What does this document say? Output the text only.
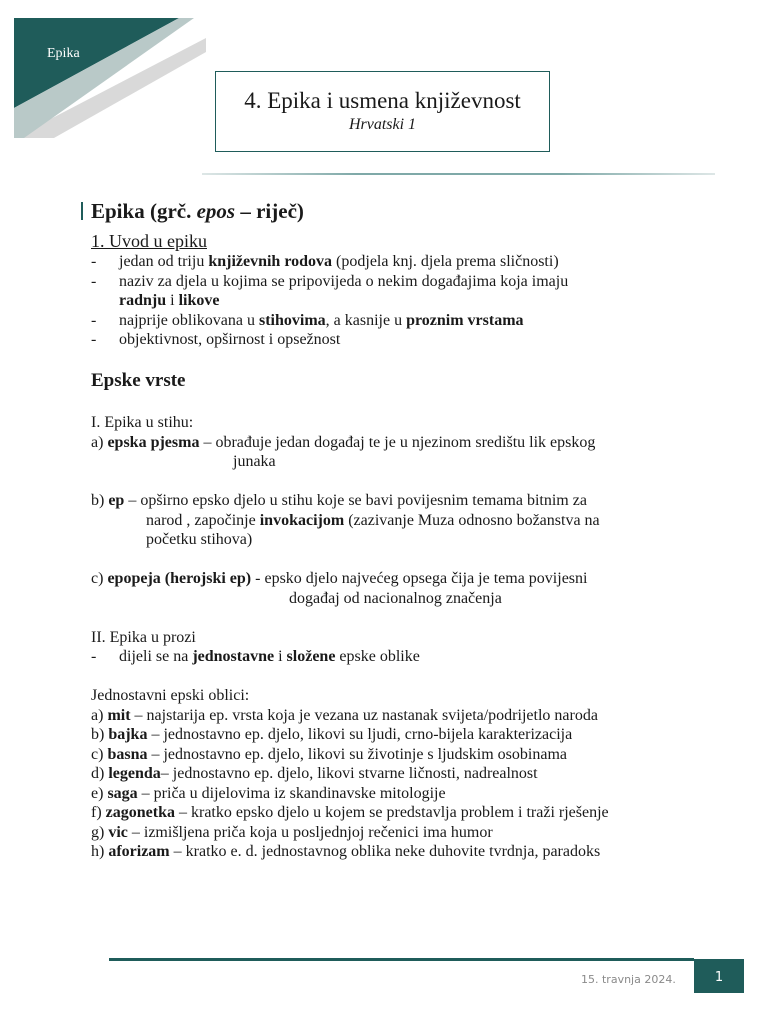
Epika
4. Epika i usmena književnost
Hrvatski 1
Epika (grč. epos – riječ)
1. Uvod u epiku
- jedan od triju književnih rodova (podjela knj. djela prema sličnosti)
- naziv za djela u kojima se pripovijeda o nekim događajima koja imaju
radnju i likove
- najprije oblikovana u stihovima, a kasnije u proznim vrstama
- objektivnost, opširnost i opsežnost
Epske vrste
I. Epika u stihu:
a) epska pjesma – obrađuje jedan događaj te je u njezinom središtu lik epskog
junaka
b) ep – opširno epsko djelo u stihu koje se bavi povijesnim temama bitnim za
narod , započinje invokacijom (zazivanje Muza odnosno božanstva na
početku stihova)
c) epopeja (herojski ep) - epsko djelo najvećeg opsega čija je tema povijesni
događaj od nacionalnog značenja
II. Epika u prozi
- dijeli se na jednostavne i složene epske oblike
Jednostavni epski oblici:
a) mit – najstarija ep. vrsta koja je vezana uz nastanak svijeta/podrijetlo naroda
b) bajka – jednostavno ep. djelo, likovi su ljudi, crno-bijela karakterizacija
c) basna – jednostavno ep. djelo, likovi su životinje s ljudskim osobinama
d) legenda– jednostavno ep. djelo, likovi stvarne ličnosti, nadrealnost
e) saga – priča u dijelovima iz skandinavske mitologije
f) zagonetka – kratko epsko djelo u kojem se predstavlja problem i traži rješenje
g) vic – izmišljena priča koja u posljednjoj rečenici ima humor
h) aforizam – kratko e. d. jednostavnog oblika neke duhovite tvrdnja, paradoks
15. travnja 2024.	1
